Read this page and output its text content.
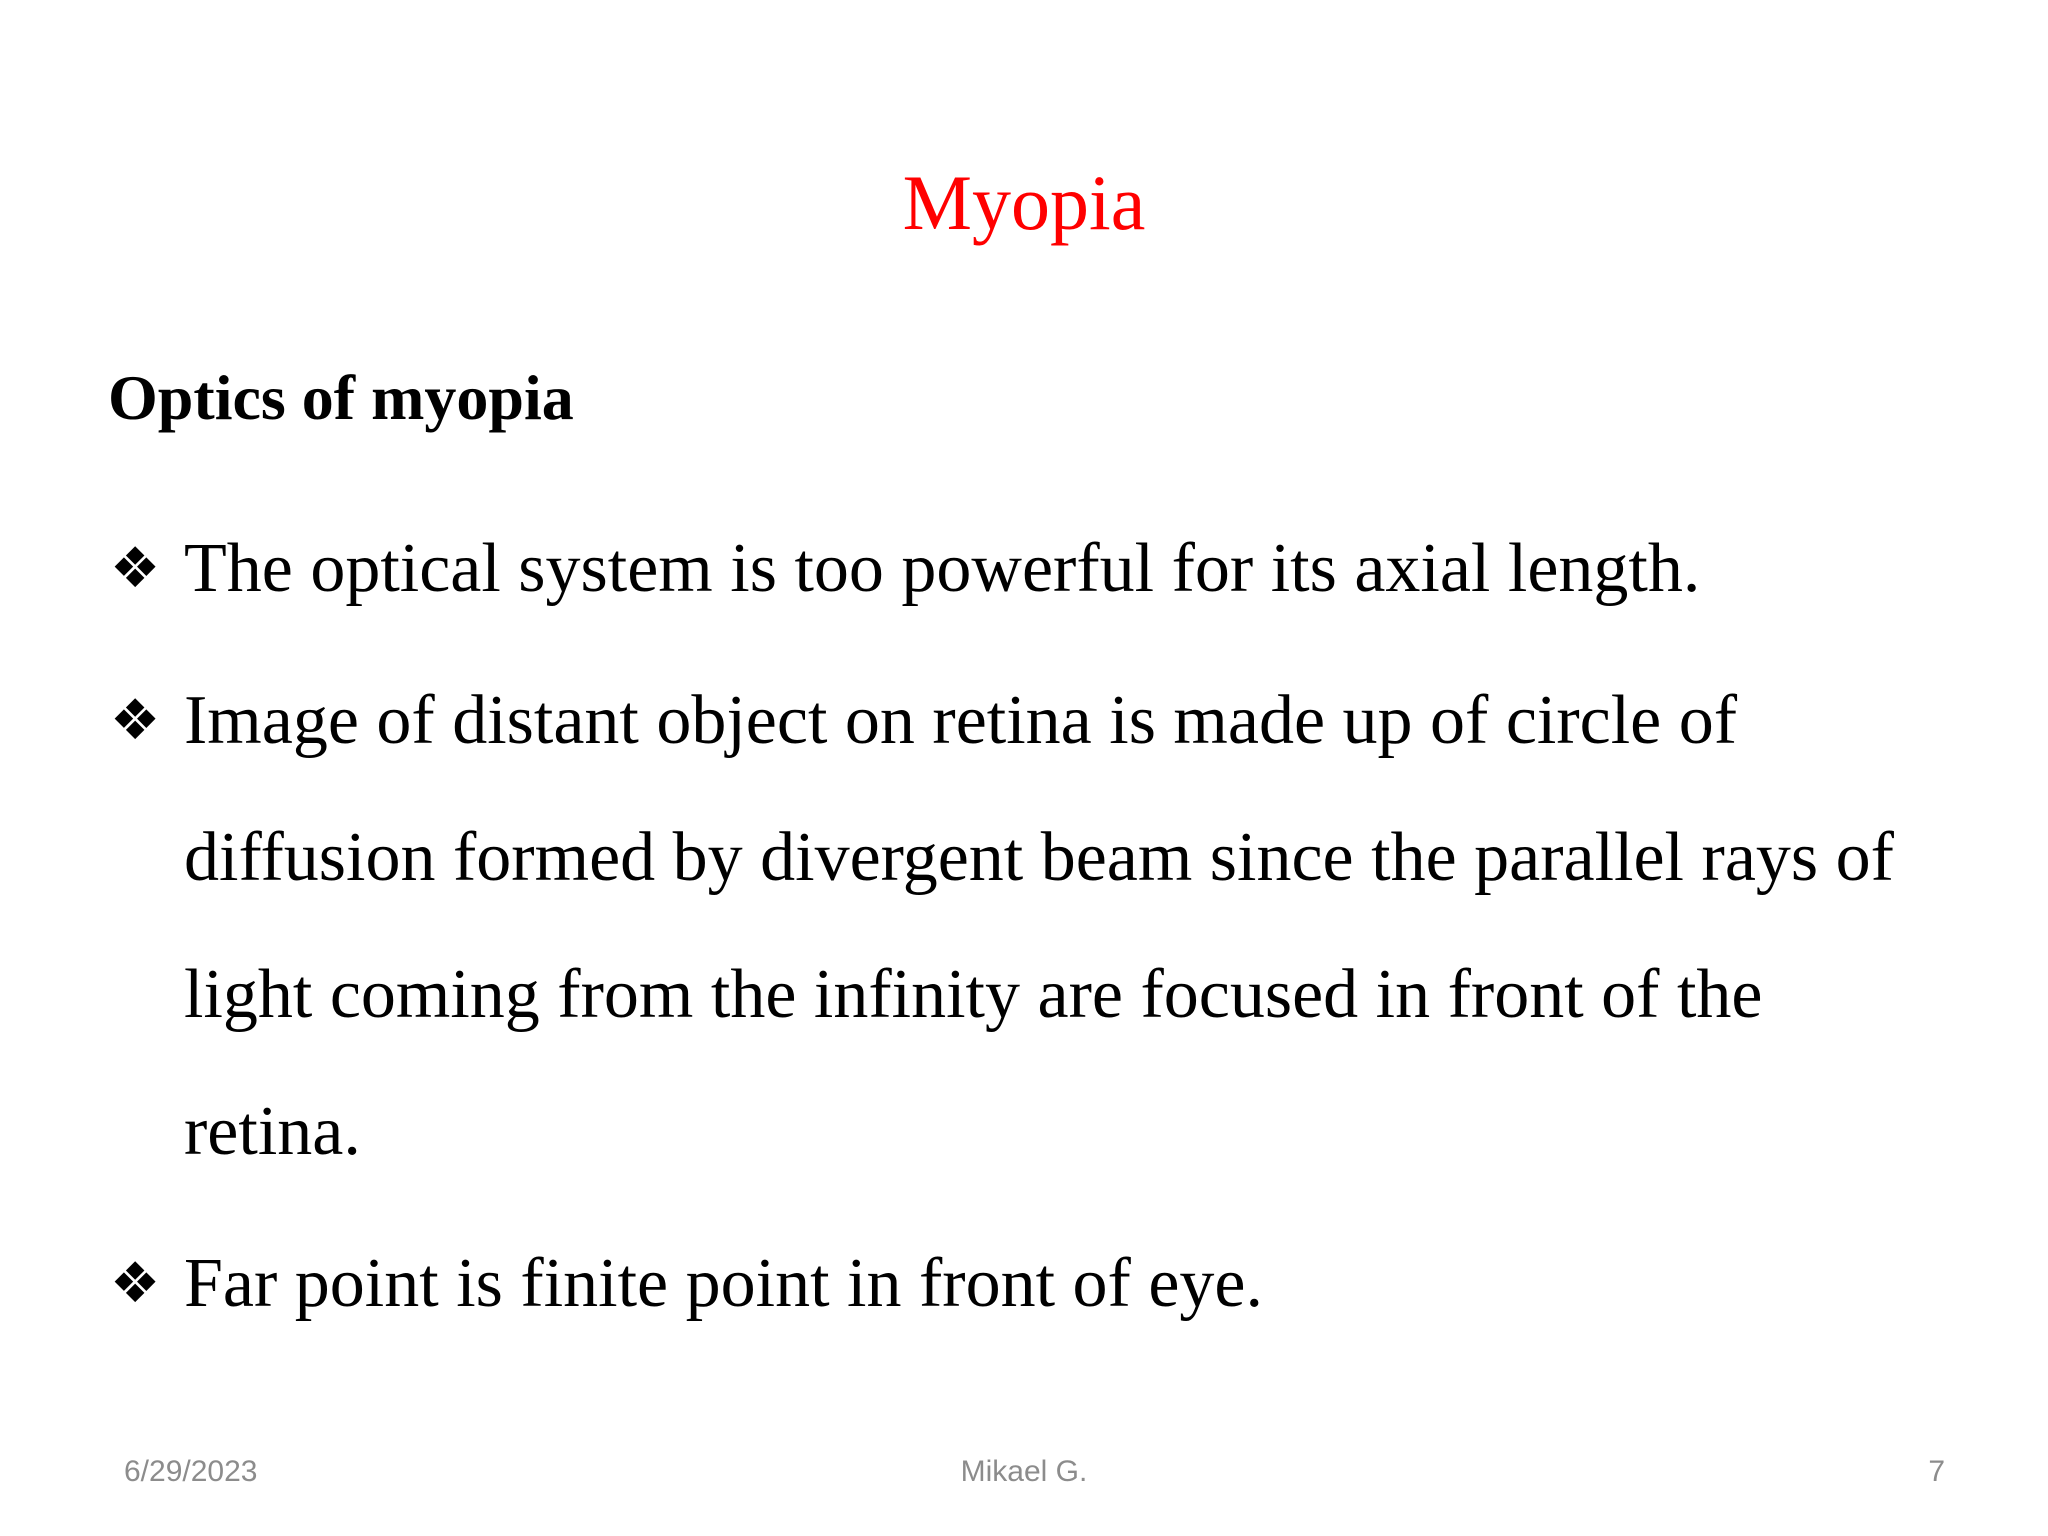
Myopia
Optics of myopia
❖ The optical system is too powerful for its axial length.
❖ Image of distant object on retina is made up of circle of diffusion formed by divergent beam since the parallel rays of light coming from the infinity are focused in front of the retina.
❖ Far point is finite point in front of eye.
6/29/2023	Mikael G.	7
